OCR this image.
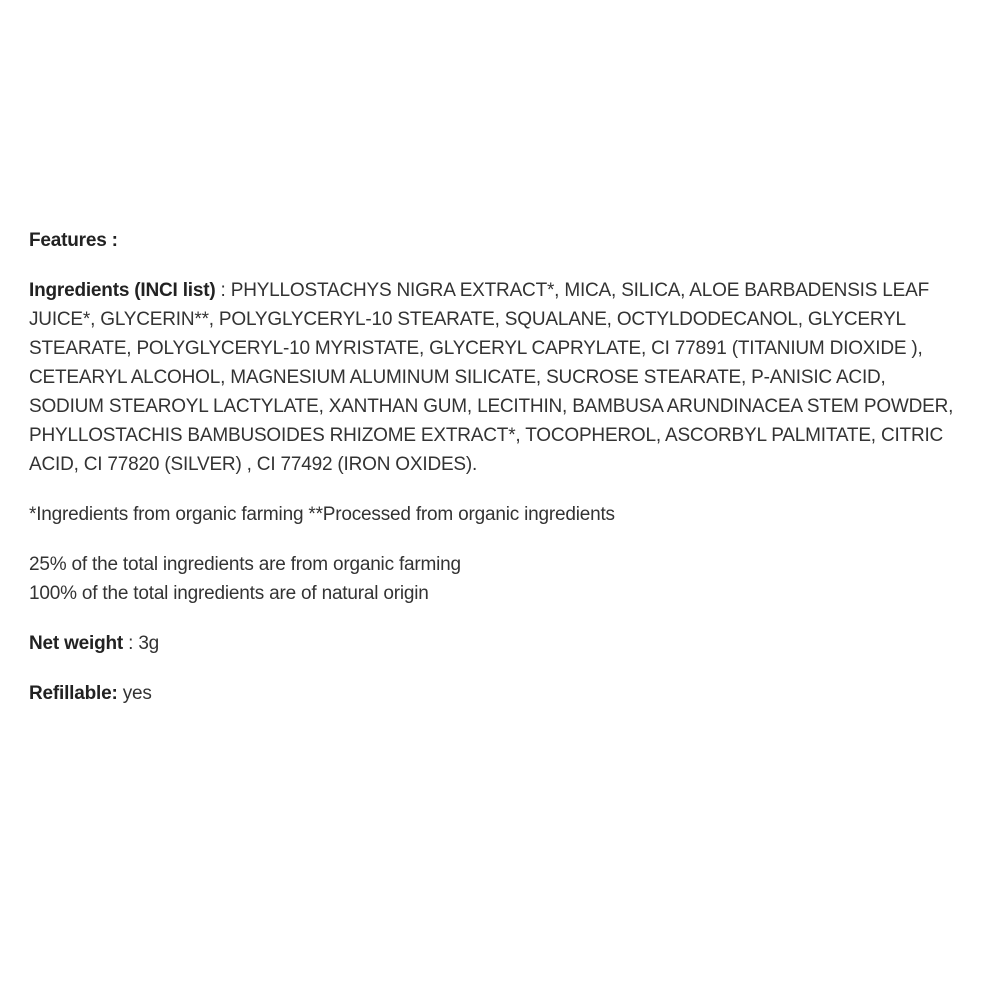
Features :

Ingredients (INCI list) : PHYLLOSTACHYS NIGRA EXTRACT*, MICA, SILICA, ALOE BARBADENSIS LEAF JUICE*, GLYCERIN**, POLYGLYCERYL-10 STEARATE, SQUALANE, OCTYLDODECANOL, GLYCERYL STEARATE, POLYGLYCERYL-10 MYRISTATE, GLYCERYL CAPRYLATE, CI 77891 (TITANIUM DIOXIDE ), CETEARYL ALCOHOL, MAGNESIUM ALUMINUM SILICATE, SUCROSE STEARATE, P-ANISIC ACID, SODIUM STEAROYL LACTYLATE, XANTHAN GUM, LECITHIN, BAMBUSA ARUNDINACEA STEM POWDER, PHYLLOSTACHIS BAMBUSOIDES RHIZOME EXTRACT*, TOCOPHEROL, ASCORBYL PALMITATE, CITRIC ACID, CI 77820 (SILVER) , CI 77492 (IRON OXIDES).

*Ingredients from organic farming **Processed from organic ingredients

25% of the total ingredients are from organic farming
100% of the total ingredients are of natural origin

Net weight : 3g

Refillable: yes
